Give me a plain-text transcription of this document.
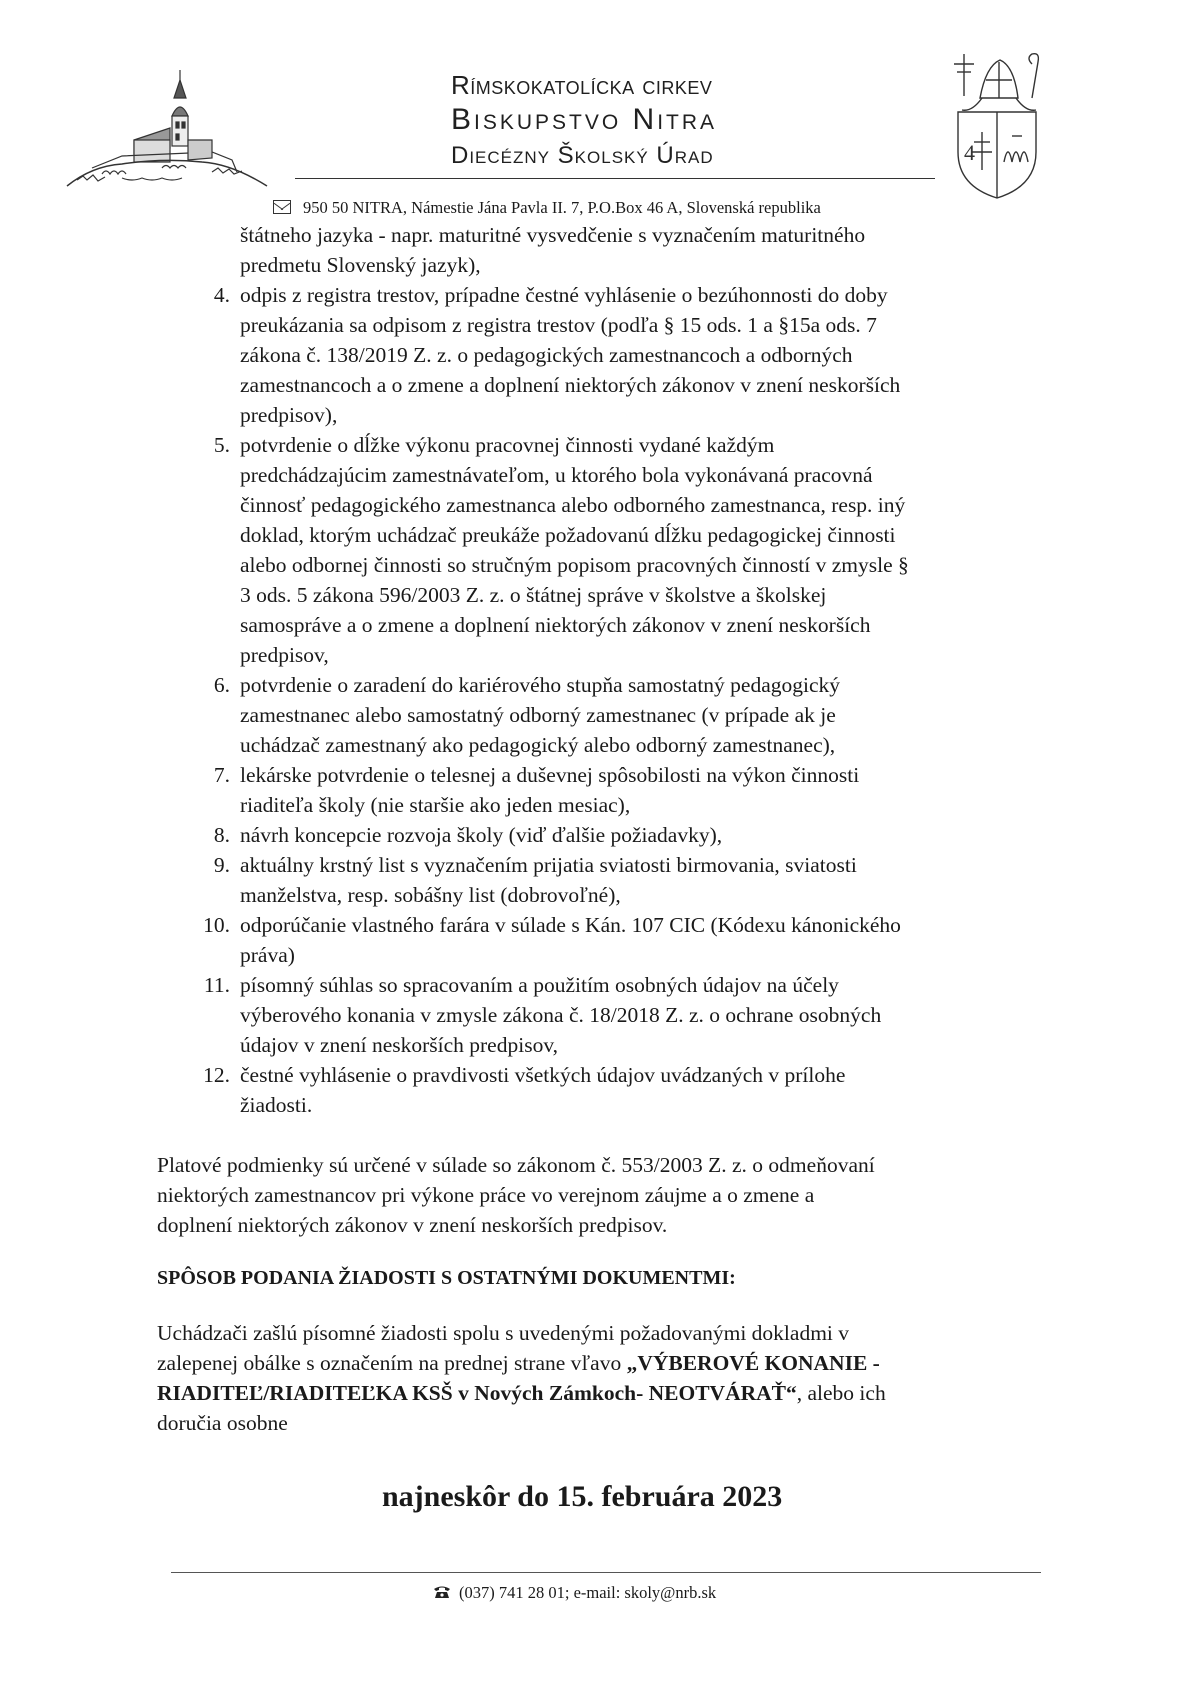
4
Rímskokatolícka cirkev
Biskupstvo Nitra
Diecézny Školský Úrad
950 50 NITRA, Námestie Jána Pavla II. 7, P.O.Box 46 A, Slovenská republika
štátneho jazyka - napr. maturitné vysvedčenie s vyznačením maturitného
predmetu Slovenský jazyk),
4. odpis z registra trestov, prípadne čestné vyhlásenie o bezúhonnosti do doby
preukázania sa odpisom z registra trestov (podľa § 15 ods. 1 a §15a ods. 7
zákona č. 138/2019 Z. z. o pedagogických zamestnancoch a odborných
zamestnancoch a o zmene a doplnení niektorých zákonov v znení neskorších
predpisov),
5. potvrdenie o dĺžke výkonu pracovnej činnosti vydané každým
predchádzajúcim zamestnávateľom, u ktorého bola vykonávaná pracovná
činnosť pedagogického zamestnanca alebo odborného zamestnanca, resp. iný
doklad, ktorým uchádzač preukáže požadovanú dĺžku pedagogickej činnosti
alebo odbornej činnosti so stručným popisom pracovných činností v zmysle §
3 ods. 5 zákona 596/2003 Z. z. o štátnej správe v školstve a školskej
samospráve a o zmene a doplnení niektorých zákonov v znení neskorších
predpisov,
6. potvrdenie o zaradení do kariérového stupňa samostatný pedagogický
zamestnanec alebo samostatný odborný zamestnanec (v prípade ak je
uchádzač zamestnaný ako pedagogický alebo odborný zamestnanec),
7. lekárske potvrdenie o telesnej a duševnej spôsobilosti na výkon činnosti
riaditeľa školy (nie staršie ako jeden mesiac),
8. návrh koncepcie rozvoja školy (viď ďalšie požiadavky),
9. aktuálny krstný list s vyznačením prijatia sviatosti birmovania, sviatosti
manželstva, resp. sobášny list (dobrovoľné),
10. odporúčanie vlastného farára v súlade s Kán. 107 CIC (Kódexu kánonického
práva)
11. písomný súhlas so spracovaním a použitím osobných údajov na účely
výberového konania v zmysle zákona č. 18/2018 Z. z. o ochrane osobných
údajov v znení neskorších predpisov,
12. čestné vyhlásenie o pravdivosti všetkých údajov uvádzaných v prílohe
žiadosti.
Platové podmienky sú určené v súlade so zákonom č. 553/2003 Z. z. o odmeňovaní
niektorých zamestnancov pri výkone práce vo verejnom záujme a o zmene a
doplnení niektorých zákonov v znení neskorších predpisov.
SPÔSOB PODANIA ŽIADOSTI S OSTATNÝMI DOKUMENTMI:
Uchádzači zašlú písomné žiadosti spolu s uvedenými požadovanými dokladmi v
zalepenej obálke s označením na prednej strane vľavo „VÝBEROVÉ KONANIE -
RIADITEĽ/RIADITEĽKA KSŠ v Nových Zámkoch- NEOTVÁRAŤ“, alebo ich
doručia osobne
najneskôr do 15. februára 2023
(037) 741 28 01; e-mail: skoly@nrb.sk
